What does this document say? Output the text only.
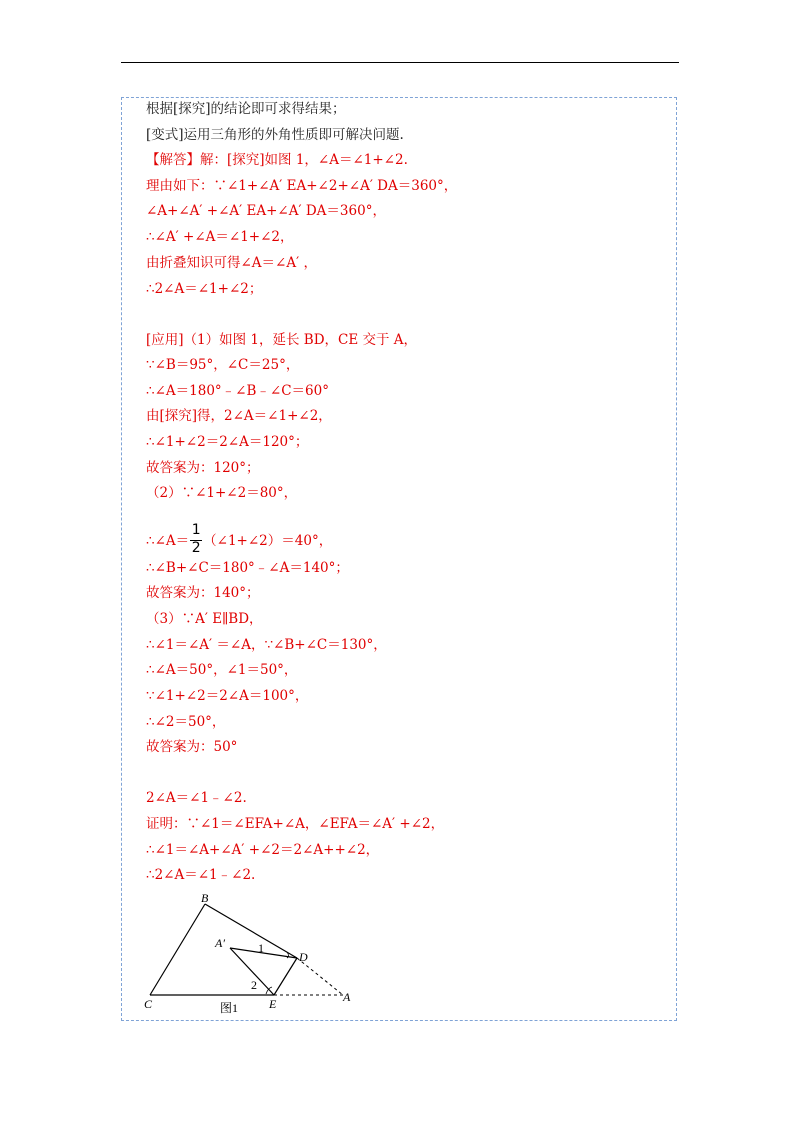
根据[探究]的结论即可求得结果；
[变式]运用三角形的外角性质即可解决问题.
【解答】解：[探究]如图 1，∠A＝∠1+∠2.
理由如下：∵∠1+∠A′ EA+∠2+∠A′ DA＝360°，
∠A+∠A′ +∠A′ EA+∠A′ DA＝360°，
∴∠A′ +∠A＝∠1+∠2，
由折叠知识可得∠A＝∠A′ ，
∴2∠A＝∠1+∠2；
[应用]（1）如图 1，延长 BD，CE 交于 A，
∵∠B＝95°，∠C＝25°，
∴∠A＝180°﹣∠B﹣∠C＝60°
由[探究]得，2∠A＝∠1+∠2，
∴∠1+∠2＝2∠A＝120°；
故答案为：120°；
（2）∵∠1+∠2＝80°，
∴∠A＝ $\frac{1}{2}$ （∠1+∠2）＝40°，
∴∠B+∠C＝180°﹣∠A＝140°；
故答案为：140°；
（3）∵A′ E∥BD，
∴∠1＝∠A′ ＝∠A，∵∠B+∠C＝130°，
∴∠A＝50°，∠1＝50°，
∵∠1+∠2＝2∠A＝100°，
∴∠2＝50°，
故答案为：50°
2∠A＝∠1﹣∠2.
证明：∵∠1＝∠EFA+∠A，∠EFA＝∠A′ +∠2，
∴∠1＝∠A+∠A′ +∠2＝2∠A++∠2，
∴2∠A＝∠1﹣∠2.
B
C
D
E	A
A′	1
2
图1
